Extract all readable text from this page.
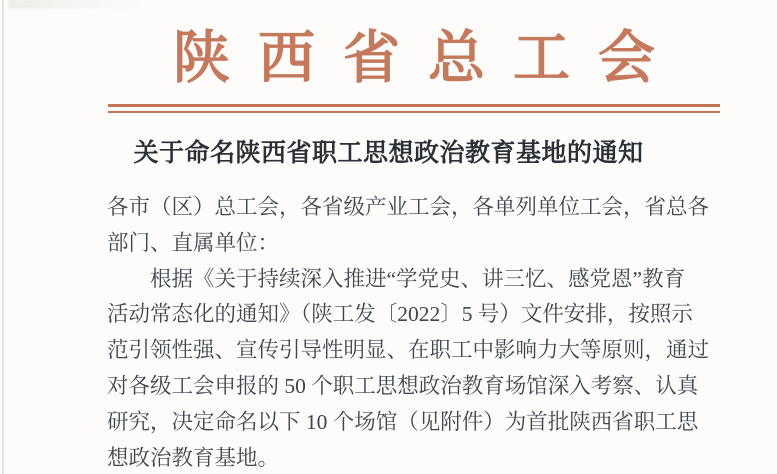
陕西省总工会
关于命名陕西省职工思想政治教育基地的通知
各市（区）总工会，各省级产业工会，各单列单位工会，省总各
部门、直属单位：
根据《关于持续深入推进“学党史、讲三忆、感党恩”教育
活动常态化的通知》（陕工发〔2022〕5 号）文件安排，按照示
范引领性强、宣传引导性明显、在职工中影响力大等原则，通过
对各级工会申报的 50 个职工思想政治教育场馆深入考察、认真
研究，决定命名以下 10 个场馆（见附件）为首批陕西省职工思
想政治教育基地。
